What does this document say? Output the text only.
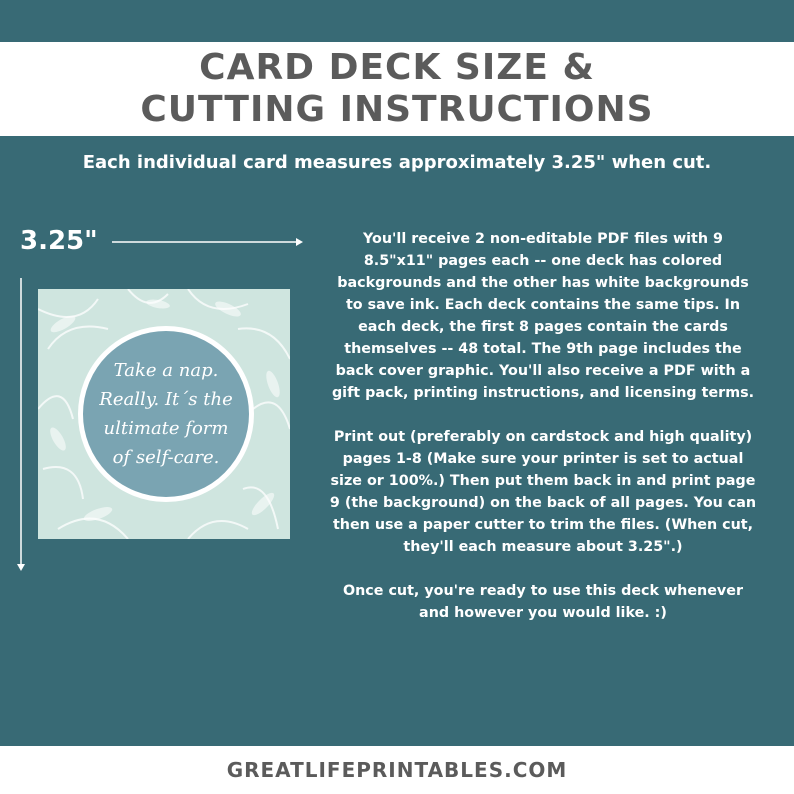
CARD DECK SIZE &
CUTTING INSTRUCTIONS
Each individual card measures approximately 3.25" when cut.
3.25"
Take a nap.
Really. It´s the
ultimate form
of self-care.
You'll receive 2 non-editable PDF files with 9
8.5"x11" pages each -- one deck has colored
backgrounds and the other has white backgrounds
to save ink. Each deck contains the same tips. In
each deck, the first 8 pages contain the cards
themselves -- 48 total. The 9th page includes the
back cover graphic. You'll also receive a PDF with a
gift pack, printing instructions, and licensing terms.
Print out (preferably on cardstock and high quality)
pages 1-8 (Make sure your printer is set to actual
size or 100%.) Then put them back in and print page
9 (the background) on the back of all pages. You can
then use a paper cutter to trim the files. (When cut,
they'll each measure about 3.25".)
Once cut, you're ready to use this deck whenever
and however you would like. :)
GREATLIFEPRINTABLES.COM
